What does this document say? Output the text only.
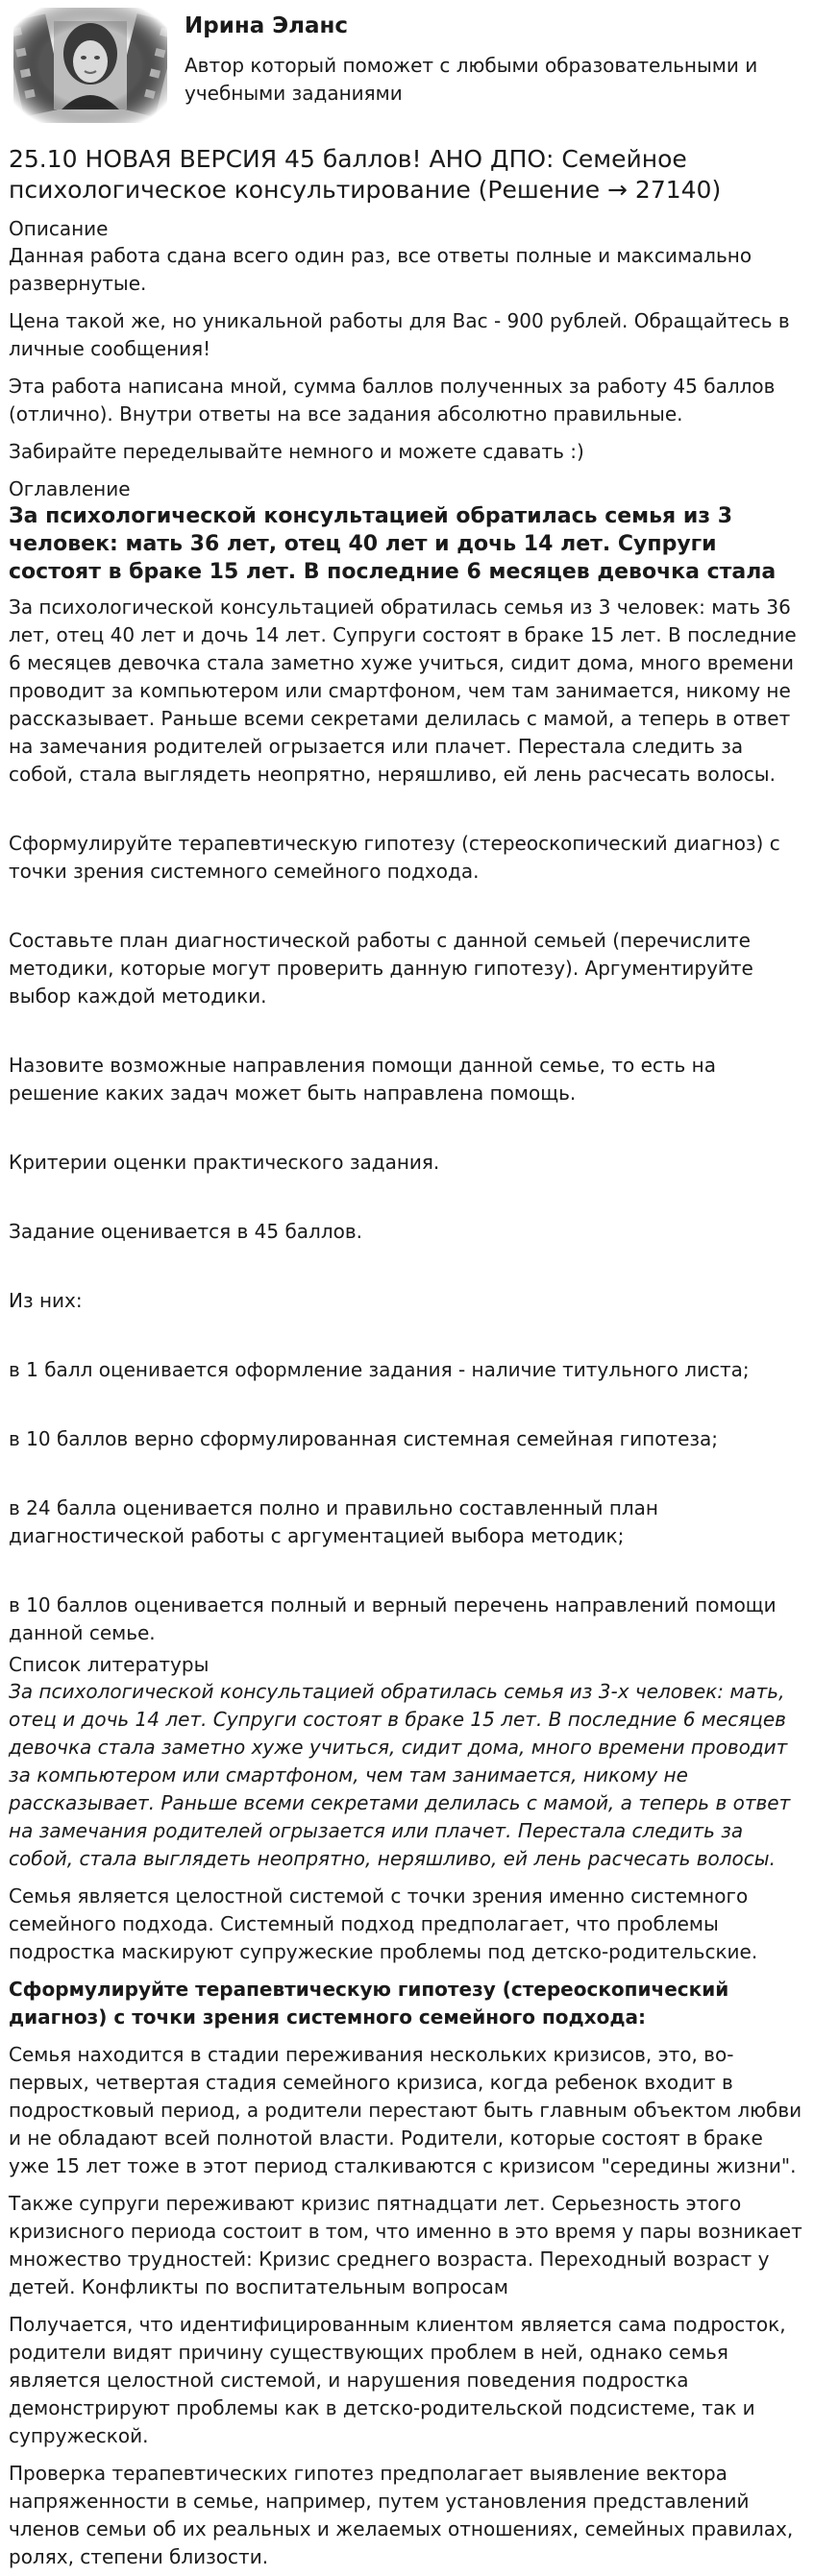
Ирина Эланс
Автор который поможет с любыми образовательными и учебными заданиями
25.10 НОВАЯ ВЕРСИЯ 45 баллов! АНО ДПО: Семейное психологическое консультирование (Решение → 27140)
Описание

Данная работа сдана всего один раз, все ответы полные и максимально развернутые.

Цена такой же, но уникальной работы для Вас - 900 рублей. Обращайтесь в личные сообщения!

Эта работа написана мной, сумма баллов полученных за работу 45 баллов (отлично). Внутри ответы на все задания абсолютно правильные.

Забирайте переделывайте немного и можете сдавать :)

Оглавление
За психологической консультацией обратилась семья из 3 человек: мать 36 лет, отец 40 лет и дочь 14 лет. Супруги состоят в браке 15 лет. В последние 6 месяцев девочка стала

За психологической консультацией обратилась семья из 3 человек: мать 36 лет, отец 40 лет и дочь 14 лет. Супруги состоят в браке 15 лет. В последние 6 месяцев девочка стала заметно хуже учиться, сидит дома, много времени проводит за компьютером или смартфоном, чем там занимается, никому не рассказывает. Раньше всеми секретами делилась с мамой, а теперь в ответ на замечания родителей огрызается или плачет. Перестала следить за собой, стала выглядеть неопрятно, неряшливо, ей лень расчесать волосы.

Сформулируйте терапевтическую гипотезу (стереоскопический диагноз) с точки зрения системного семейного подхода.

Составьте план диагностической работы с данной семьей (перечислите методики, которые могут проверить данную гипотезу). Аргументируйте выбор каждой методики.

Назовите возможные направления помощи данной семье, то есть на решение каких задач может быть направлена помощь.

Критерии оценки практического задания.

Задание оценивается в 45 баллов.

Из них:

в 1 балл оценивается оформление задания - наличие титульного листа;

в 10 баллов верно сформулированная системная семейная гипотеза;

в 24 балла оценивается полно и правильно составленный план диагностической работы с аргументацией выбора методик;

в 10 баллов оценивается полный и верный перечень направлений помощи данной семье.

Список литературы

За психологической консультацией обратилась семья из 3-х человек: мать, отец и дочь 14 лет. Супруги состоят в браке 15 лет. В последние 6 месяцев девочка стала заметно хуже учиться, сидит дома, много времени проводит за компьютером или смартфоном, чем там занимается, никому не рассказывает. Раньше всеми секретами делилась с мамой, а теперь в ответ на замечания родителей огрызается или плачет. Перестала следить за собой, стала выглядеть неопрятно, неряшливо, ей лень расчесать волосы.

Семья является целостной системой с точки зрения именно системного семейного подхода. Системный подход предполагает, что проблемы подростка маскируют супружеские проблемы под детско-родительские.

Сформулируйте терапевтическую гипотезу (стереоскопический диагноз) с точки зрения системного семейного подхода:

Семья находится в стадии переживания нескольких кризисов, это, во-первых, четвертая стадия семейного кризиса, когда ребенок входит в подростковый период, а родители перестают быть главным объектом любви и не обладают всей полнотой власти. Родители, которые состоят в браке уже 15 лет тоже в этот период сталкиваются с кризисом "середины жизни".

Также супруги переживают кризис пятнадцати лет. Серьезность этого кризисного периода состоит в том, что именно в это время у пары возникает множество трудностей: Кризис среднего возраста. Переходный возраст у детей. Конфликты по воспитательным вопросам

Получается, что идентифицированным клиентом является сама подросток, родители видят причину существующих проблем в ней, однако семья является целостной системой, и нарушения поведения подростка демонстрируют проблемы как в детско-родительской подсистеме, так и супружеской.

Проверка терапевтических гипотез предполагает выявление вектора напряженности в семье, например, путем установления представлений членов семьи об их реальных и желаемых отношениях, семейных правилах, ролях, степени близости.
